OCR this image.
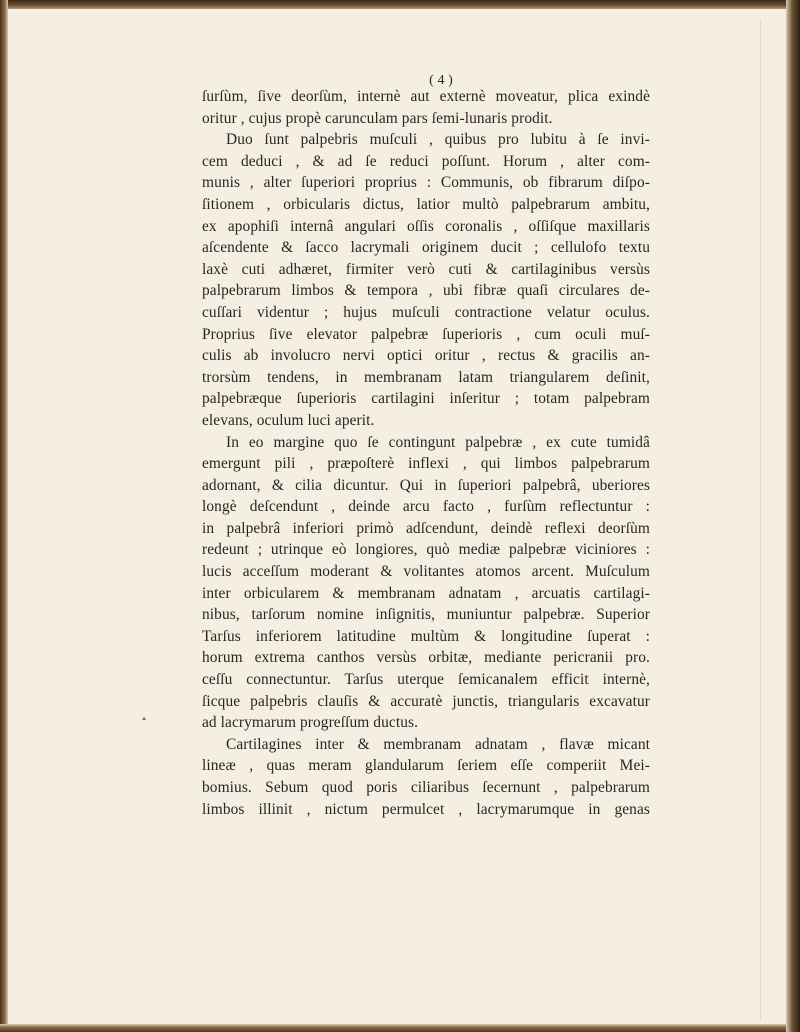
( 4 )
ſurſùm, ſive deorſùm, internè aut externè moveatur, plica exindè
oritur , cujus propè carunculam pars ſemi-lunaris prodit.
Duo ſunt palpebris muſculi , quibus pro lubitu à ſe invi-
cem deduci , & ad ſe reduci poſſunt. Horum , alter com-
munis , alter ſuperiori proprius : Communis, ob fibrarum diſpo-
ſitionem , orbicularis dictus, latior multò palpebrarum ambitu,
ex apophiſi internâ angulari oſſis coronalis , oſſiſque maxillaris
aſcendente & ſacco lacrymali originem ducit ; cellulofo textu
laxè cuti adhæret, firmiter verò cuti & cartilaginibus versùs
palpebrarum limbos & tempora , ubi fibræ quaſi circulares de-
cuſſari videntur ; hujus muſculi contractione velatur oculus.
Proprius ſive elevator palpebræ ſuperioris , cum oculi muſ-
culis ab involucro nervi optici oritur , rectus & gracilis an-
trorsùm tendens, in membranam latam triangularem deſinit,
palpebræque ſuperioris cartilagini inſeritur ; totam palpebram
elevans, oculum luci aperit.
In eo margine quo ſe contingunt palpebræ , ex cute tumidâ
emergunt pili , præpoſterè inflexi , qui limbos palpebrarum
adornant, & cilia dicuntur. Qui in ſuperiori palpebrâ, uberiores
longè deſcendunt , deinde arcu facto , furſùm reflectuntur :
in palpebrâ inferiori primò adſcendunt, deindè reflexi deorſùm
redeunt ; utrinque eò longiores, quò mediæ palpebræ viciniores :
lucis acceſſum moderant & volitantes atomos arcent. Muſculum
inter orbicularem & membranam adnatam , arcuatis cartilagi-
nibus, tarſorum nomine inſignitis, muniuntur palpebræ. Superior
Tarſus inferiorem latitudine multùm & longitudine ſuperat :
horum extrema canthos versùs orbitæ, mediante pericranii pro.
ceſſu connectuntur. Tarſus uterque ſemicanalem efficit internè,
ſicque palpebris clauſis & accuratè junctis, triangularis excavatur
ad lacrymarum progreſſum ductus.
Cartilagines inter & membranam adnatam , flavæ micant
lineæ , quas meram glandularum ſeriem eſſe comperiit Mei-
bomius. Sebum quod poris ciliaribus ſecernunt , palpebrarum
limbos illinit , nictum permulcet , lacrymarumque in genas
•
